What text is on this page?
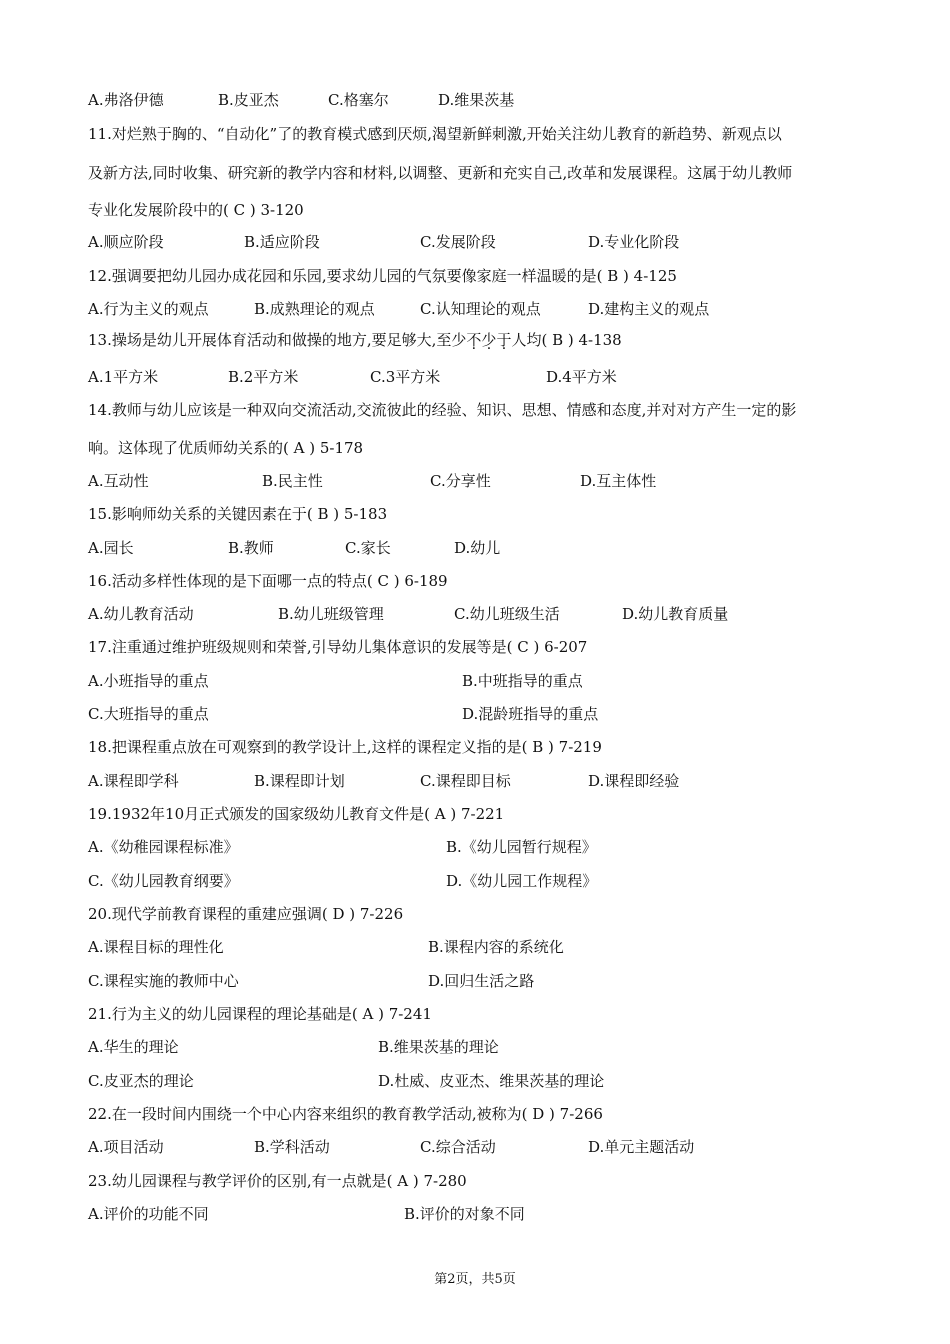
A.弗洛伊德	B.皮亚杰	C.格塞尔	D.维果茨基
11.对烂熟于胸的、“自动化”了的教育模式感到厌烦,渴望新鲜刺激,开始关注幼儿教育的新趋势、新观点以
及新方法,同时收集、研究新的教学内容和材料,以调整、更新和充实自己,改革和发展课程。这属于幼儿教师
专业化发展阶段中的( C ) 3-120
A.顺应阶段	B.适应阶段	C.发展阶段	D.专业化阶段
12.强调要把幼儿园办成花园和乐园,要求幼儿园的气氛要像家庭一样温暖的是( B ) 4-125
A.行为主义的观点	B.成熟理论的观点	C.认知理论的观点	D.建构主义的观点
13.操场是幼儿开展体育活动和做操的地方,要足够大,至少不少于人均( B ) 4-138
A.1平方米	B.2平方米	C.3平方米	D.4平方米
14.教师与幼儿应该是一种双向交流活动,交流彼此的经验、知识、思想、情感和态度,并对对方产生一定的影
响。这体现了优质师幼关系的( A ) 5-178
A.互动性	B.民主性	C.分享性	D.互主体性
15.影响师幼关系的关键因素在于( B ) 5-183
A.园长	B.教师	C.家长	D.幼儿
16.活动多样性体现的是下面哪一点的特点( C ) 6-189
A.幼儿教育活动	B.幼儿班级管理	C.幼儿班级生活	D.幼儿教育质量
17.注重通过维护班级规则和荣誉,引导幼儿集体意识的发展等是( C ) 6-207
A.小班指导的重点	B.中班指导的重点
C.大班指导的重点	D.混龄班指导的重点
18.把课程重点放在可观察到的教学设计上,这样的课程定义指的是( B ) 7-219
A.课程即学科	B.课程即计划	C.课程即目标	D.课程即经验
19.1932年10月正式颁发的国家级幼儿教育文件是( A ) 7-221
A.《幼稚园课程标准》	B.《幼儿园暂行规程》
C.《幼儿园教育纲要》	D.《幼儿园工作规程》
20.现代学前教育课程的重建应强调( D ) 7-226
A.课程目标的理性化	B.课程内容的系统化
C.课程实施的教师中心	D.回归生活之路
21.行为主义的幼儿园课程的理论基础是( A ) 7-241
A.华生的理论	B.维果茨基的理论
C.皮亚杰的理论	D.杜威、皮亚杰、维果茨基的理论
22.在一段时间内围绕一个中心内容来组织的教育教学活动,被称为( D ) 7-266
A.项目活动	B.学科活动	C.综合活动	D.单元主题活动
23.幼儿园课程与教学评价的区别,有一点就是( A ) 7-280
A.评价的功能不同	B.评价的对象不同
第2页，共5页
